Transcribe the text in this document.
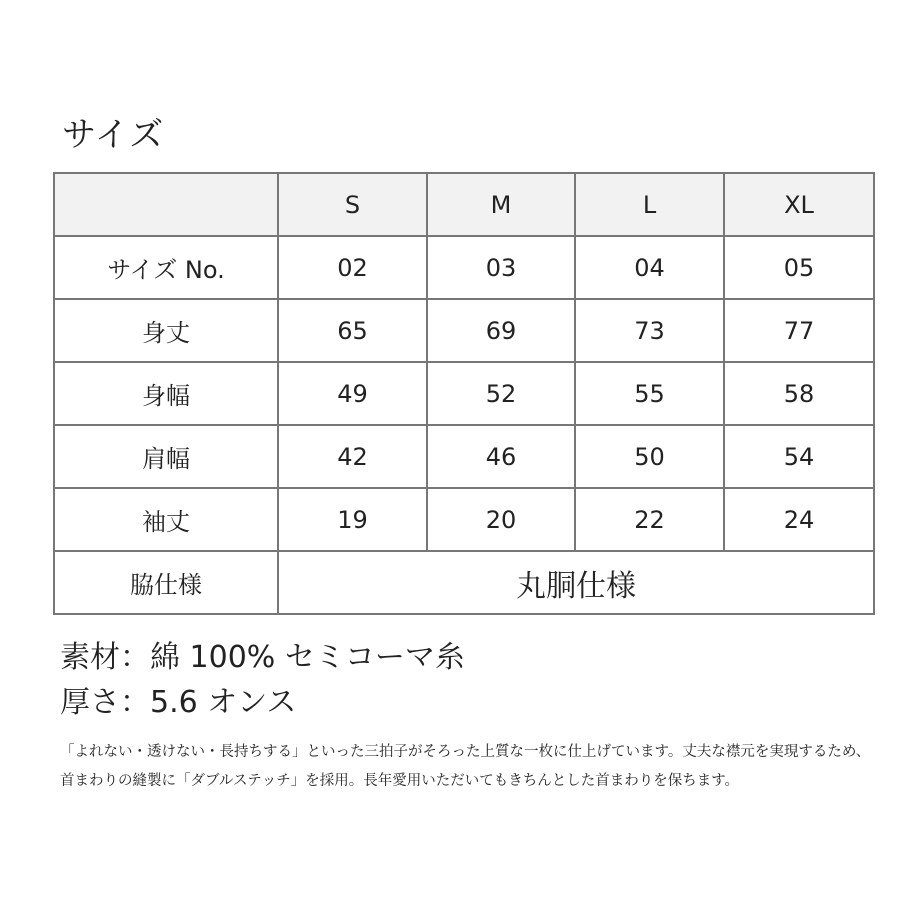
サイズ
	S	M	L	XL
サイズ No.	02	03	04	05
身丈	65	69	73	77
身幅	49	52	55	58
肩幅	42	46	50	54
袖丈	19	20	22	24
脇仕様	丸胴仕様			
素材：綿 100% セミコーマ糸
厚さ：5.6 オンス
「よれない・透けない・長持ちする」といった三拍子がそろった上質な一枚に仕上げています。丈夫な襟元を実現するため、首まわりの縫製に「ダブルステッチ」を採用。長年愛用いただいてもきちんとした首まわりを保ちます。
